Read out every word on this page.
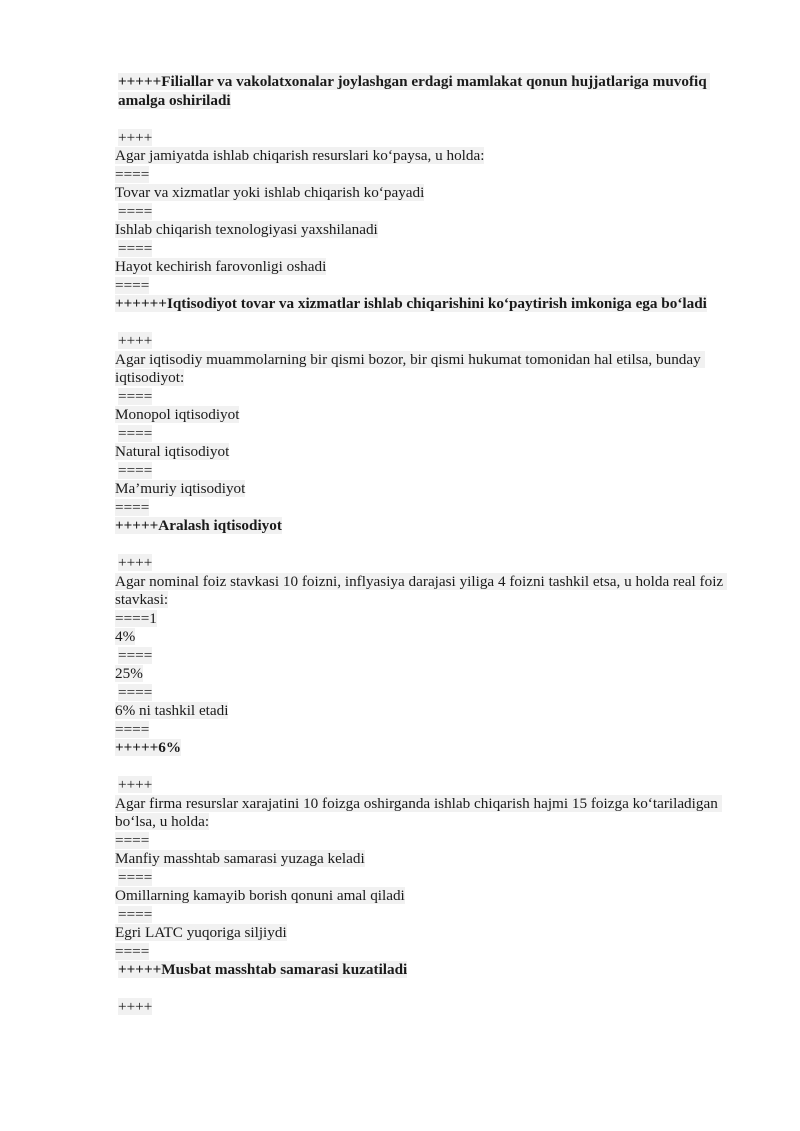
+++++Filiallar va vakolatxonalar joylashgan erdagi mamlakat qonun hujjatlariga muvofiq amalga oshiriladi
++++
Agar jamiyatda ishlab chiqarish resurslari ko‘paysa, u holda:
====
Tovar va xizmatlar yoki ishlab chiqarish ko‘payadi
====
Ishlab chiqarish texnologiyasi yaxshilanadi
====
Hayot kechirish farovonligi oshadi
====
++++++Iqtisodiyot tovar va xizmatlar ishlab chiqarishini ko‘paytirish imkoniga ega bo‘ladi
++++
Agar iqtisodiy muammolarning bir qismi bozor, bir qismi hukumat tomonidan hal etilsa, bunday iqtisodiyot:
====
Monopol iqtisodiyot
====
Natural iqtisodiyot
====
Ma’muriy iqtisodiyot
====
+++++Aralash iqtisodiyot
++++
Agar nominal foiz stavkasi 10 foizni, inflyasiya darajasi yiliga 4 foizni tashkil etsa, u holda real foiz stavkasi:
====1
4%
====
25%
====
6% ni tashkil etadi
====
+++++6%
++++
Agar firma resurslar xarajatini 10 foizga oshirganda ishlab chiqarish hajmi 15 foizga ko‘tariladigan bo‘lsa, u holda:
====
Manfiy masshtab samarasi yuzaga keladi
====
Omillarning kamayib borish qonuni amal qiladi
====
Egri LATC yuqoriga siljiydi
====
+++++Musbat masshtab samarasi kuzatiladi
++++
